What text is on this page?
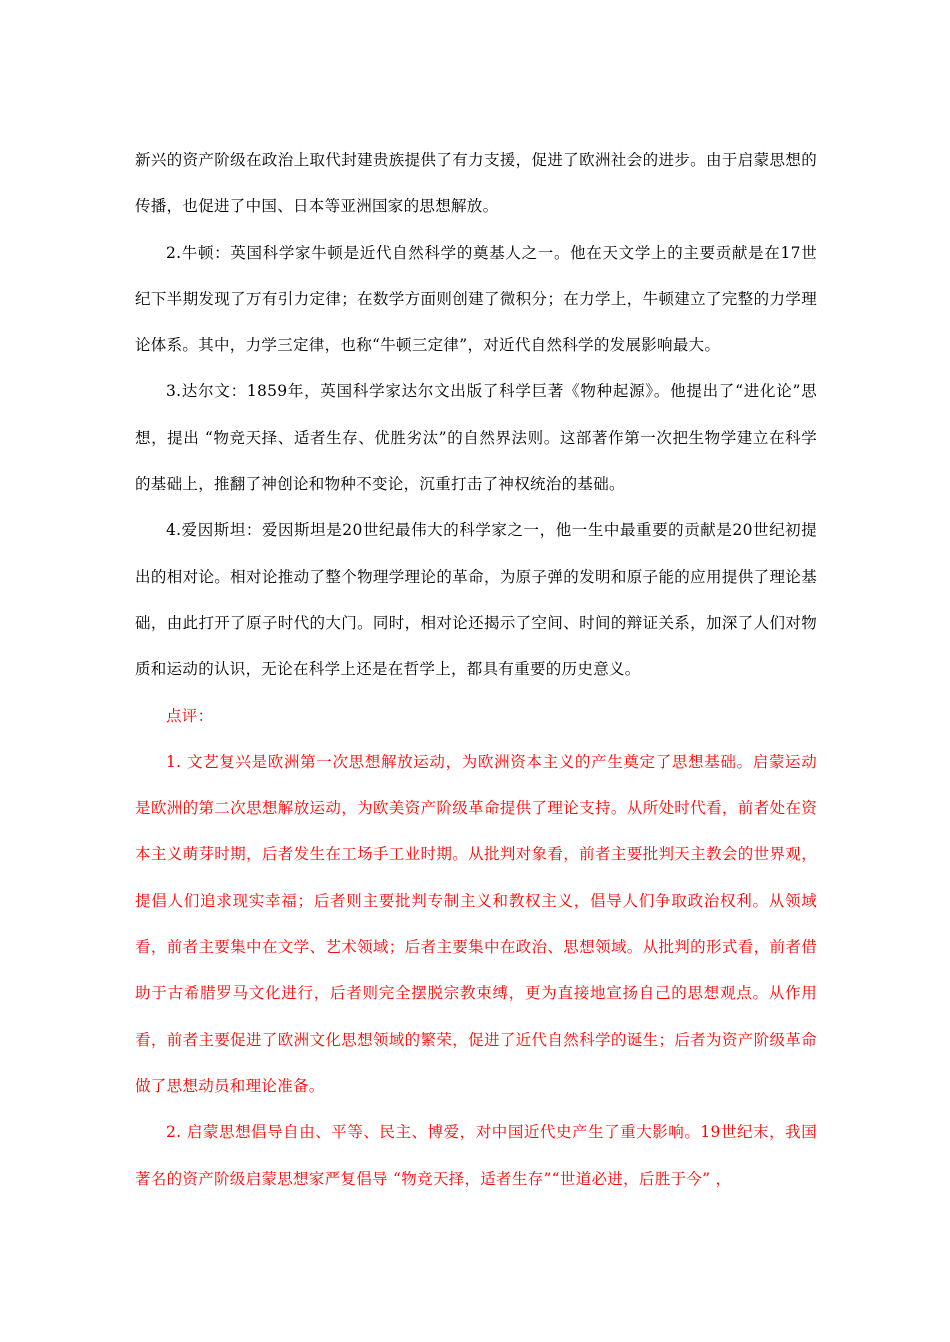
新兴的资产阶级在政治上取代封建贵族提供了有力支援，促进了欧洲社会的进步。由于启蒙思想的传播，也促进了中国、日本等亚洲国家的思想解放。

2.牛顿：英国科学家牛顿是近代自然科学的奠基人之一。他在天文学上的主要贡献是在17世纪下半期发现了万有引力定律；在数学方面则创建了微积分；在力学上，牛顿建立了完整的力学理论体系。其中，力学三定律，也称“牛顿三定律”，对近代自然科学的发展影响最大。

3.达尔文：1859年，英国科学家达尔文出版了科学巨著《物种起源》。他提出了“进化论”思想，提出 “物竞天择、适者生存、优胜劣汰”的自然界法则。这部著作第一次把生物学建立在科学的基础上，推翻了神创论和物种不变论，沉重打击了神权统治的基础。

4.爱因斯坦：爱因斯坦是20世纪最伟大的科学家之一，他一生中最重要的贡献是20世纪初提出的相对论。相对论推动了整个物理学理论的革命，为原子弹的发明和原子能的应用提供了理论基础，由此打开了原子时代的大门。同时，相对论还揭示了空间、时间的辩证关系，加深了人们对物质和运动的认识，无论在科学上还是在哲学上，都具有重要的历史意义。

点评：

1. 文艺复兴是欧洲第一次思想解放运动，为欧洲资本主义的产生奠定了思想基础。启蒙运动是欧洲的第二次思想解放运动，为欧美资产阶级革命提供了理论支持。从所处时代看，前者处在资本主义萌芽时期，后者发生在工场手工业时期。从批判对象看，前者主要批判天主教会的世界观，提倡人们追求现实幸福；后者则主要批判专制主义和教权主义，倡导人们争取政治权利。从领域看，前者主要集中在文学、艺术领域；后者主要集中在政治、思想领域。从批判的形式看，前者借助于古希腊罗马文化进行，后者则完全摆脱宗教束缚，更为直接地宣扬自己的思想观点。从作用看，前者主要促进了欧洲文化思想领域的繁荣，促进了近代自然科学的诞生；后者为资产阶级革命做了思想动员和理论准备。

2. 启蒙思想倡导自由、平等、民主、博爱，对中国近代史产生了重大影响。19世纪末，我国著名的资产阶级启蒙思想家严复倡导 “物竞天择，适者生存”“世道必进，后胜于今” ，
